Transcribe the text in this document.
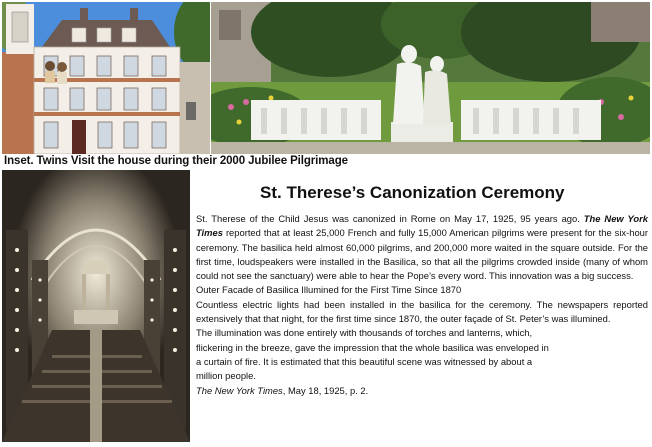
Inset. Twins Visit the house during their 2000 Jubilee Pilgrimage
St. Therese’s Canonization Ceremony

St. Therese of the Child Jesus was canonized in Rome on May 17, 1925, 95 years ago. The New York Times reported that at least 25,000 French and fully 15,000 American pilgrims were present for the six-hour ceremony. The basilica held almost 60,000 pilgrims, and 200,000 more waited in the square outside. For the first time, loudspeakers were installed in the Basilica, so that all the pilgrims crowded inside (many of whom could not see the sanctuary) were able to hear the Pope’s every word. This innovation was a big success.

Outer Facade of Basilica Illumined for the First Time Since 1870

Countless electric lights had been installed in the basilica for the ceremony. The newspapers reported extensively that that night, for the first time since 1870, the outer façade of St. Peter’s was illumined.

The illumination was done entirely with thousands of torches and lanterns, which,

flickering in the breeze, gave the impression that the whole basilica was enveloped in

a curtain of fire. It is estimated that this beautiful scene was witnessed by about a

million people.

The New York Times, May 18, 1925, p. 2.
